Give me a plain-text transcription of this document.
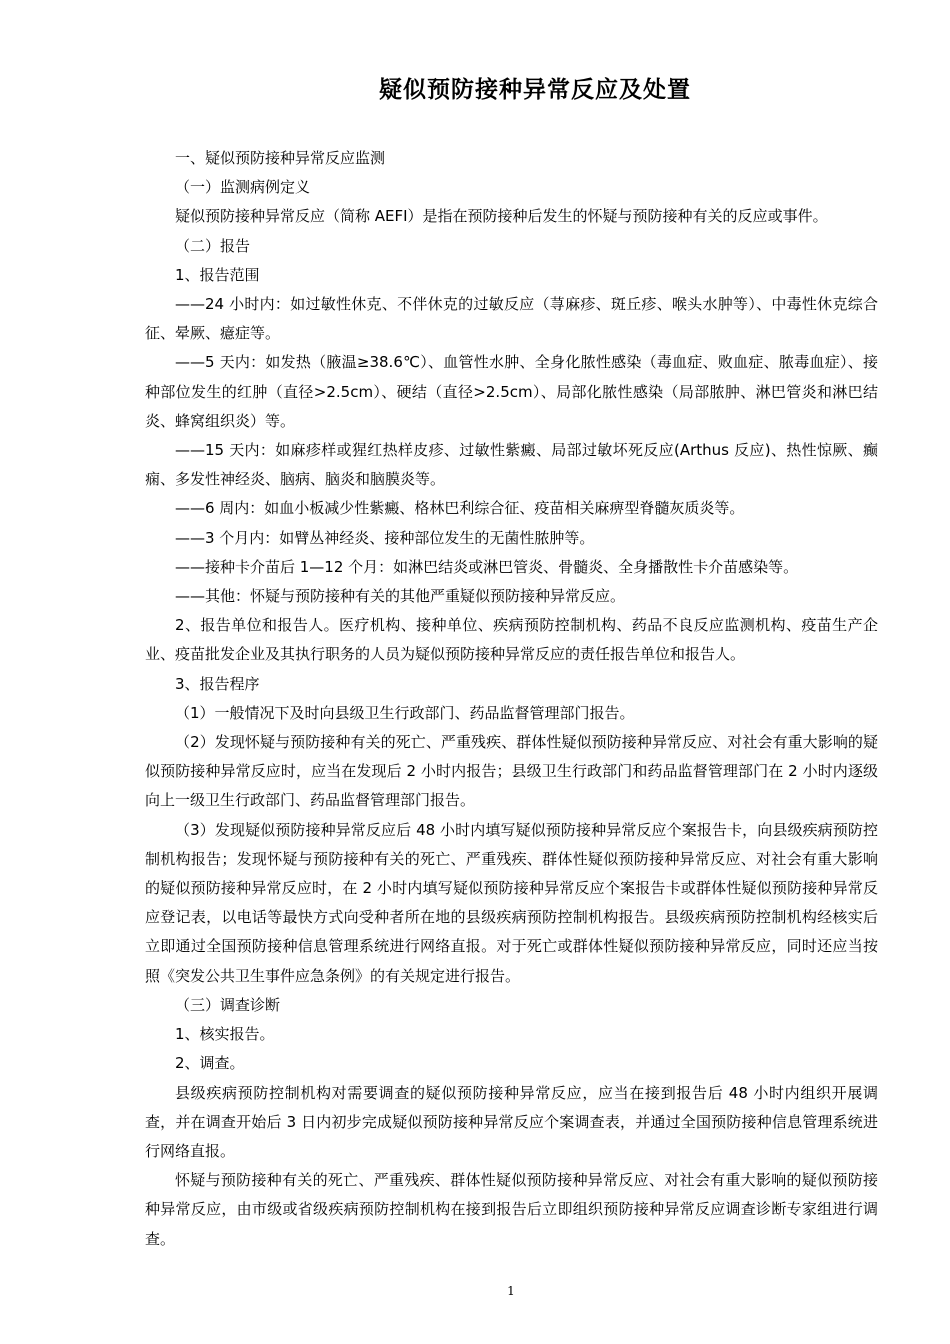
疑似预防接种异常反应及处置

一、疑似预防接种异常反应监测

（一）监测病例定义

疑似预防接种异常反应（简称 AEFI）是指在预防接种后发生的怀疑与预防接种有关的反应或事件。

（二）报告

1、报告范围

——24 小时内：如过敏性休克、不伴休克的过敏反应（荨麻疹、斑丘疹、喉头水肿等）、中毒性休克综合征、晕厥、癔症等。

——5 天内：如发热（腋温≥38.6℃）、血管性水肿、全身化脓性感染（毒血症、败血症、脓毒血症）、接种部位发生的红肿（直径>2.5cm）、硬结（直径>2.5cm）、局部化脓性感染（局部脓肿、淋巴管炎和淋巴结炎、蜂窝组织炎）等。

——15 天内：如麻疹样或猩红热样皮疹、过敏性紫癜、局部过敏坏死反应(Arthus 反应)、热性惊厥、癫痫、多发性神经炎、脑病、脑炎和脑膜炎等。

——6 周内：如血小板减少性紫癜、格林巴利综合征、疫苗相关麻痹型脊髓灰质炎等。

——3 个月内：如臂丛神经炎、接种部位发生的无菌性脓肿等。

——接种卡介苗后 1—12 个月：如淋巴结炎或淋巴管炎、骨髓炎、全身播散性卡介苗感染等。

——其他：怀疑与预防接种有关的其他严重疑似预防接种异常反应。

2、报告单位和报告人。医疗机构、接种单位、疾病预防控制机构、药品不良反应监测机构、疫苗生产企业、疫苗批发企业及其执行职务的人员为疑似预防接种异常反应的责任报告单位和报告人。

3、报告程序

（1）一般情况下及时向县级卫生行政部门、药品监督管理部门报告。

（2）发现怀疑与预防接种有关的死亡、严重残疾、群体性疑似预防接种异常反应、对社会有重大影响的疑似预防接种异常反应时，应当在发现后 2 小时内报告；县级卫生行政部门和药品监督管理部门在 2 小时内逐级向上一级卫生行政部门、药品监督管理部门报告。

（3）发现疑似预防接种异常反应后 48 小时内填写疑似预防接种异常反应个案报告卡，向县级疾病预防控制机构报告；发现怀疑与预防接种有关的死亡、严重残疾、群体性疑似预防接种异常反应、对社会有重大影响的疑似预防接种异常反应时，在 2 小时内填写疑似预防接种异常反应个案报告卡或群体性疑似预防接种异常反应登记表，以电话等最快方式向受种者所在地的县级疾病预防控制机构报告。县级疾病预防控制机构经核实后立即通过全国预防接种信息管理系统进行网络直报。对于死亡或群体性疑似预防接种异常反应，同时还应当按照《突发公共卫生事件应急条例》的有关规定进行报告。

（三）调查诊断

1、核实报告。

2、调查。

县级疾病预防控制机构对需要调查的疑似预防接种异常反应，应当在接到报告后 48 小时内组织开展调查，并在调查开始后 3 日内初步完成疑似预防接种异常反应个案调查表，并通过全国预防接种信息管理系统进行网络直报。

怀疑与预防接种有关的死亡、严重残疾、群体性疑似预防接种异常反应、对社会有重大影响的疑似预防接种异常反应，由市级或省级疾病预防控制机构在接到报告后立即组织预防接种异常反应调查诊断专家组进行调查。

1
